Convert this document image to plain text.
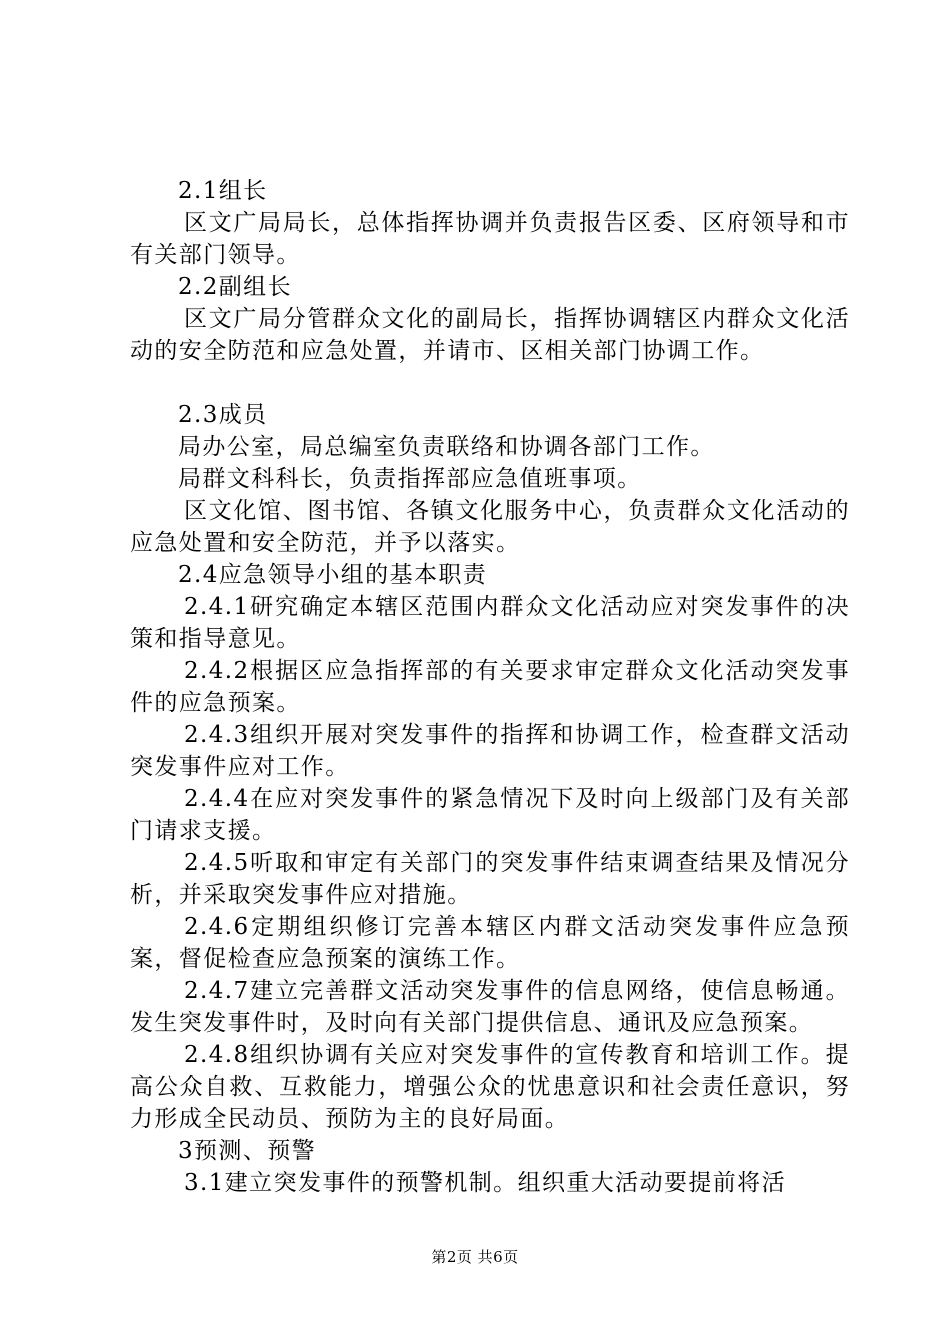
2.1组长

区文广局局长，总体指挥协调并负责报告区委、区府领导和市有关部门领导。

2.2副组长

区文广局分管群众文化的副局长，指挥协调辖区内群众文化活动的安全防范和应急处置，并请市、区相关部门协调工作。

2.3成员

局办公室，局总编室负责联络和协调各部门工作。

局群文科科长，负责指挥部应急值班事项。

区文化馆、图书馆、各镇文化服务中心，负责群众文化活动的应急处置和安全防范，并予以落实。

2.4应急领导小组的基本职责

2.4.1研究确定本辖区范围内群众文化活动应对突发事件的决策和指导意见。

2.4.2根据区应急指挥部的有关要求审定群众文化活动突发事件的应急预案。

2.4.3组织开展对突发事件的指挥和协调工作，检查群文活动突发事件应对工作。

2.4.4在应对突发事件的紧急情况下及时向上级部门及有关部门请求支援。

2.4.5听取和审定有关部门的突发事件结束调查结果及情况分析，并采取突发事件应对措施。

2.4.6定期组织修订完善本辖区内群文活动突发事件应急预案，督促检查应急预案的演练工作。

2.4.7建立完善群文活动突发事件的信息网络，使信息畅通。发生突发事件时，及时向有关部门提供信息、通讯及应急预案。

2.4.8组织协调有关应对突发事件的宣传教育和培训工作。提高公众自救、互救能力，增强公众的忧患意识和社会责任意识，努力形成全民动员、预防为主的良好局面。

3预测、预警

3.1建立突发事件的预警机制。组织重大活动要提前将活

第2页 共6页
